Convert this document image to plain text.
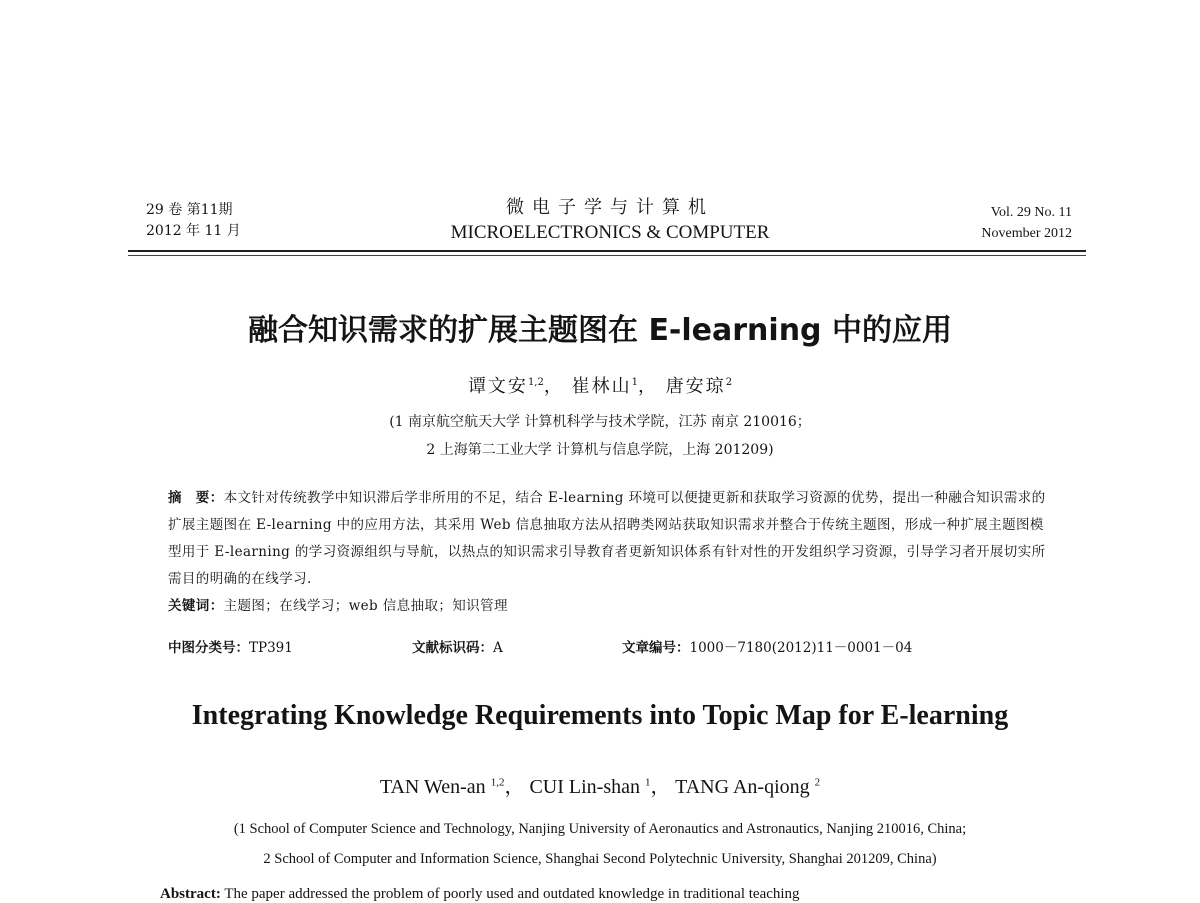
29 卷 第11期
2012 年 11 月
微电子学与计算机
MICROELECTRONICS & COMPUTER
Vol. 29 No. 11
November 2012
融合知识需求的扩展主题图在 E-learning 中的应用
谭文安$^{1,2}$， 崔林山$^1$， 唐安琼$^2$
(1 南京航空航天大学 计算机科学与技术学院，江苏 南京 210016；
2 上海第二工业大学 计算机与信息学院，上海 201209)
摘　要：本文针对传统教学中知识滞后学非所用的不足，结合 E-learning 环境可以便捷更新和获取学习资源的优势，提出一种融合知识需求的扩展主题图在 E-learning 中的应用方法，其采用 Web 信息抽取方法从招聘类网站获取知识需求并整合于传统主题图，形成一种扩展主题图模型用于 E-learning 的学习资源组织与导航，以热点的知识需求引导教育者更新知识体系有针对性的开发组织学习资源，引导学习者开展切实所需目的明确的在线学习.
关键词：主题图；在线学习；web 信息抽取；知识管理
中图分类号：TP391	文献标识码：A	文章编号：1000－7180(2012)11－0001－04
Integrating Knowledge Requirements into Topic Map for E-learning
TAN Wen-an $^{1,2}$， CUI Lin-shan $^1$， TANG An-qiong $^2$
(1 School of Computer Science and Technology, Nanjing University of Aeronautics and Astronautics, Nanjing 210016, China;
2 School of Computer and Information Science, Shanghai Second Polytechnic University, Shanghai 201209, China)
Abstract: The paper addressed the problem of poorly used and outdated knowledge in traditional teaching
